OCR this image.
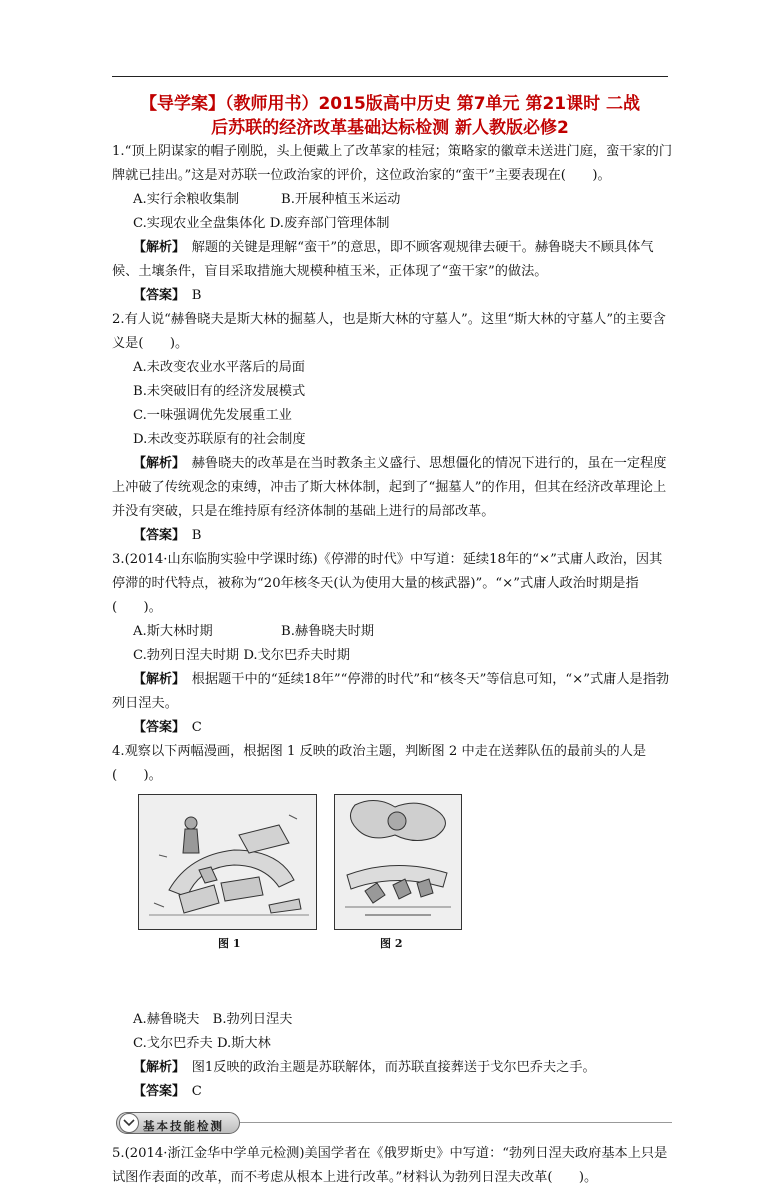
【导学案】（教师用书）2015版高中历史 第7单元 第21课时 二战
后苏联的经济改革基础达标检测 新人教版必修2

1.“顶上阴谋家的帽子刚脱，头上便戴上了改革家的桂冠；策略家的徽章未送进门庭，蛮干家的门牌就已挂出。”这是对苏联一位政治家的评价，这位政治家的“蛮干”主要表现在(　　)。

A.实行余粮收集制	B.开展种植玉米运动

C.实现农业全盘集体化 D.废弃部门管理体制

【解析】　 解题的关键是理解“蛮干”的意思，即不顾客观规律去硬干。赫鲁晓夫不顾具体气候、土壤条件，盲目采取措施大规模种植玉米，正体现了“蛮干家”的做法。

【答案】　 B

2.有人说“赫鲁晓夫是斯大林的掘墓人，也是斯大林的守墓人”。这里“斯大林的守墓人”的主要含义是(　　)。

A.未改变农业水平落后的局面

B.未突破旧有的经济发展模式

C.一味强调优先发展重工业

D.未改变苏联原有的社会制度

【解析】　 赫鲁晓夫的改革是在当时教条主义盛行、思想僵化的情况下进行的，虽在一定程度上冲破了传统观念的束缚，冲击了斯大林体制，起到了“掘墓人”的作用，但其在经济改革理论上并没有突破，只是在维持原有经济体制的基础上进行的局部改革。

【答案】　 B

3.(2014·山东临朐实验中学课时练)《停滞的时代》中写道：延续18年的“×”式庸人政治，因其停滞的时代特点，被称为“20年核冬天(认为使用大量的核武器)”。“×”式庸人政治时期是指(　　)。

A.斯大林时期	B.赫鲁晓夫时期

C.勃列日涅夫时期 D.戈尔巴乔夫时期

【解析】　 根据题干中的“延续18年”“停滞的时代”和“核冬天”等信息可知，“×”式庸人是指勃列日涅夫。

【答案】　 C

4.观察以下两幅漫画，根据图 1 反映的政治主题，判断图 2 中走在送葬队伍的最前头的人是(　　)。

图 1	图 2

A.赫鲁晓夫　B.勃列日涅夫

C.戈尔巴乔夫 D.斯大林

【解析】　 图1反映的政治主题是苏联解体，而苏联直接葬送于戈尔巴乔夫之手。

【答案】　 C

基本技能检测

5.(2014·浙江金华中学单元检测)美国学者在《俄罗斯史》中写道：“勃列日涅夫政府基本上只是试图作表面的改革，而不考虑从根本上进行改革。”材料认为勃列日涅夫改革(　　)。
